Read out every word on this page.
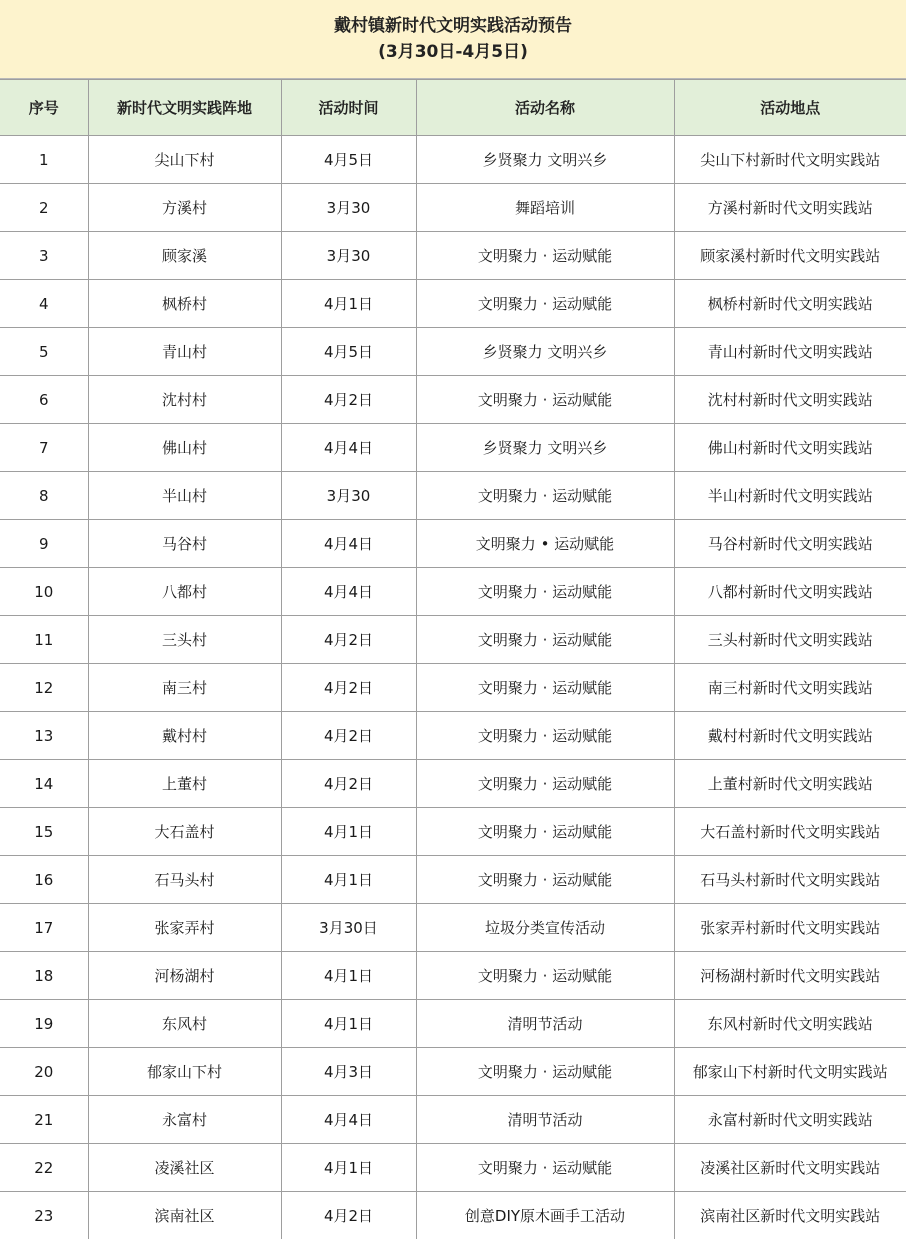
戴村镇新时代文明实践活动预告
(3月30日-4月5日)
序号	新时代文明实践阵地	活动时间	活动名称	活动地点
1	尖山下村	4月5日	乡贤聚力 文明兴乡	尖山下村新时代文明实践站
2	方溪村	3月30	舞蹈培训	方溪村新时代文明实践站
3	顾家溪	3月30	文明聚力 · 运动赋能	顾家溪村新时代文明实践站
4	枫桥村	4月1日	文明聚力 · 运动赋能	枫桥村新时代文明实践站
5	青山村	4月5日	乡贤聚力 文明兴乡	青山村新时代文明实践站
6	沈村村	4月2日	文明聚力 · 运动赋能	沈村村新时代文明实践站
7	佛山村	4月4日	乡贤聚力 文明兴乡	佛山村新时代文明实践站
8	半山村	3月30	文明聚力 · 运动赋能	半山村新时代文明实践站
9	马谷村	4月4日	文明聚力 • 运动赋能	马谷村新时代文明实践站
10	八都村	4月4日	文明聚力 · 运动赋能	八都村新时代文明实践站
11	三头村	4月2日	文明聚力 · 运动赋能	三头村新时代文明实践站
12	南三村	4月2日	文明聚力 · 运动赋能	南三村新时代文明实践站
13	戴村村	4月2日	文明聚力 · 运动赋能	戴村村新时代文明实践站
14	上董村	4月2日	文明聚力 · 运动赋能	上董村新时代文明实践站
15	大石盖村	4月1日	文明聚力 · 运动赋能	大石盖村新时代文明实践站
16	石马头村	4月1日	文明聚力 · 运动赋能	石马头村新时代文明实践站
17	张家弄村	3月30日	垃圾分类宣传活动	张家弄村新时代文明实践站
18	河杨湖村	4月1日	文明聚力 · 运动赋能	河杨湖村新时代文明实践站
19	东风村	4月1日	清明节活动	东风村新时代文明实践站
20	郁家山下村	4月3日	文明聚力 · 运动赋能	郁家山下村新时代文明实践站
21	永富村	4月4日	清明节活动	永富村新时代文明实践站
22	凌溪社区	4月1日	文明聚力 · 运动赋能	凌溪社区新时代文明实践站
23	滨南社区	4月2日	创意DIY原木画手工活动	滨南社区新时代文明实践站
